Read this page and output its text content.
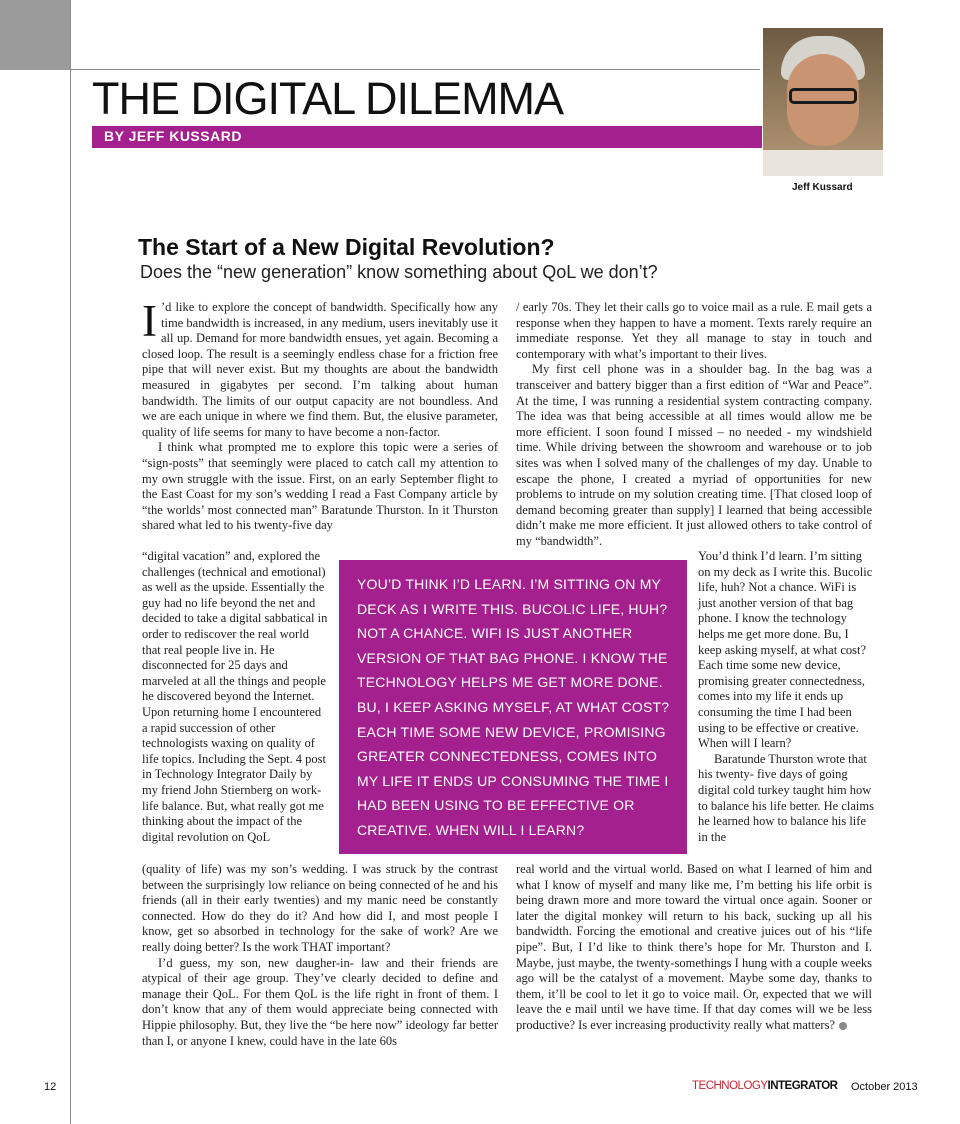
THE DIGITAL DILEMMA
BY JEFF KUSSARD
Jeff Kussard
The Start of a New Digital Revolution?
Does the “new generation” know something about QoL we don’t?

I ’d like to explore the concept of bandwidth. Specifically how any time bandwidth is increased, in any medium, users inevitably use it all up. Demand for more bandwidth ensues, yet again. Becoming a closed loop. The result is a seemingly endless chase for a friction free pipe that will never exist. But my thoughts are about the bandwidth measured in gigabytes per second. I’m talking about human bandwidth. The limits of our output capacity are not boundless. And we are each unique in where we find them. But, the elusive parameter, quality of life seems for many to have become a non-factor.

I think what prompted me to explore this topic were a series of “sign-posts” that seemingly were placed to catch call my attention to my own struggle with the issue. First, on an early September flight to the East Coast for my son’s wedding I read a Fast Company article by “the worlds’ most connected man” Baratunde Thurston. In it Thurston shared what led to his twenty-five day

“digital vacation” and, explored the challenges (technical and emotional) as well as the upside. Essentially the guy had no life beyond the net and decided to take a digital sabbatical in order to rediscover the real world that real people live in. He disconnected for 25 days and marveled at all the things and people he discovered beyond the Internet. Upon returning home I encountered a rapid succession of other technologists waxing on quality of life topics. Including the Sept. 4 post in Technology Integrator Daily by my friend John Stiernberg on work-life balance. But, what really got me thinking about the impact of the digital revolution on QoL

YOU’D THINK I’D LEARN. I’M SITTING ON MY DECK AS I WRITE THIS. BUCOLIC LIFE, HUH? NOT A CHANCE. WIFI IS JUST ANOTHER VERSION OF THAT BAG PHONE. I KNOW THE TECHNOLOGY HELPS ME GET MORE DONE. BU, I KEEP ASKING MYSELF, AT WHAT COST? EACH TIME SOME NEW DEVICE, PROMISING GREATER CONNECTEDNESS, COMES INTO MY LIFE IT ENDS UP CONSUMING THE TIME I HAD BEEN USING TO BE EFFECTIVE OR CREATIVE. WHEN WILL I LEARN?

(quality of life) was my son’s wedding. I was struck by the contrast between the surprisingly low reliance on being connected of he and his friends (all in their early twenties) and my manic need be constantly connected. How do they do it? And how did I, and most people I know, get so absorbed in technology for the sake of work? Are we really doing better? Is the work THAT important?

I’d guess, my son, new daugher-in- law and their friends are atypical of their age group. They’ve clearly decided to define and manage their QoL. For them QoL is the life right in front of them. I don’t know that any of them would appreciate being connected with Hippie philosophy. But, they live the “be here now” ideology far better than I, or anyone I knew, could have in the late 60s

/ early 70s. They let their calls go to voice mail as a rule. E mail gets a response when they happen to have a moment. Texts rarely require an immediate response. Yet they all manage to stay in touch and contemporary with what’s important to their lives.

My first cell phone was in a shoulder bag. In the bag was a transceiver and battery bigger than a first edition of “War and Peace”. At the time, I was running a residential system contracting company. The idea was that being accessible at all times would allow me be more efficient. I soon found I missed – no needed - my windshield time. While driving between the showroom and warehouse or to job sites was when I solved many of the challenges of my day. Unable to escape the phone, I created a myriad of opportunities for new problems to intrude on my solution creating time. [That closed loop of demand becoming greater than supply] I learned that being accessible didn’t make me more efficient. It just allowed others to take control of my “bandwidth”.

You’d think I’d learn. I’m sitting on my deck as I write this. Bucolic life, huh? Not a chance. WiFi is just another version of that bag phone. I know the technology helps me get more done. Bu, I keep asking myself, at what cost? Each time some new device, promising greater connectedness, comes into my life it ends up consuming the time I had been using to be effective or creative. When will I learn?

Baratunde Thurston wrote that his twenty- five days of going digital cold turkey taught him how to balance his life better. He claims he learned how to balance his life in the

real world and the virtual world. Based on what I learned of him and what I know of myself and many like me, I’m betting his life orbit is being drawn more and more toward the virtual once again. Sooner or later the digital monkey will return to his back, sucking up all his bandwidth. Forcing the emotional and creative juices out of his “life pipe”. But, I I’d like to think there’s hope for Mr. Thurston and I. Maybe, just maybe, the twenty-somethings I hung with a couple weeks ago will be the catalyst of a movement. Maybe some day, thanks to them, it’ll be cool to let it go to voice mail. Or, expected that we will leave the e mail until we have time. If that day comes will we be less productive? Is ever increasing productivity really what matters?

12	TECHNOLOGYINTEGRATOR October 2013
